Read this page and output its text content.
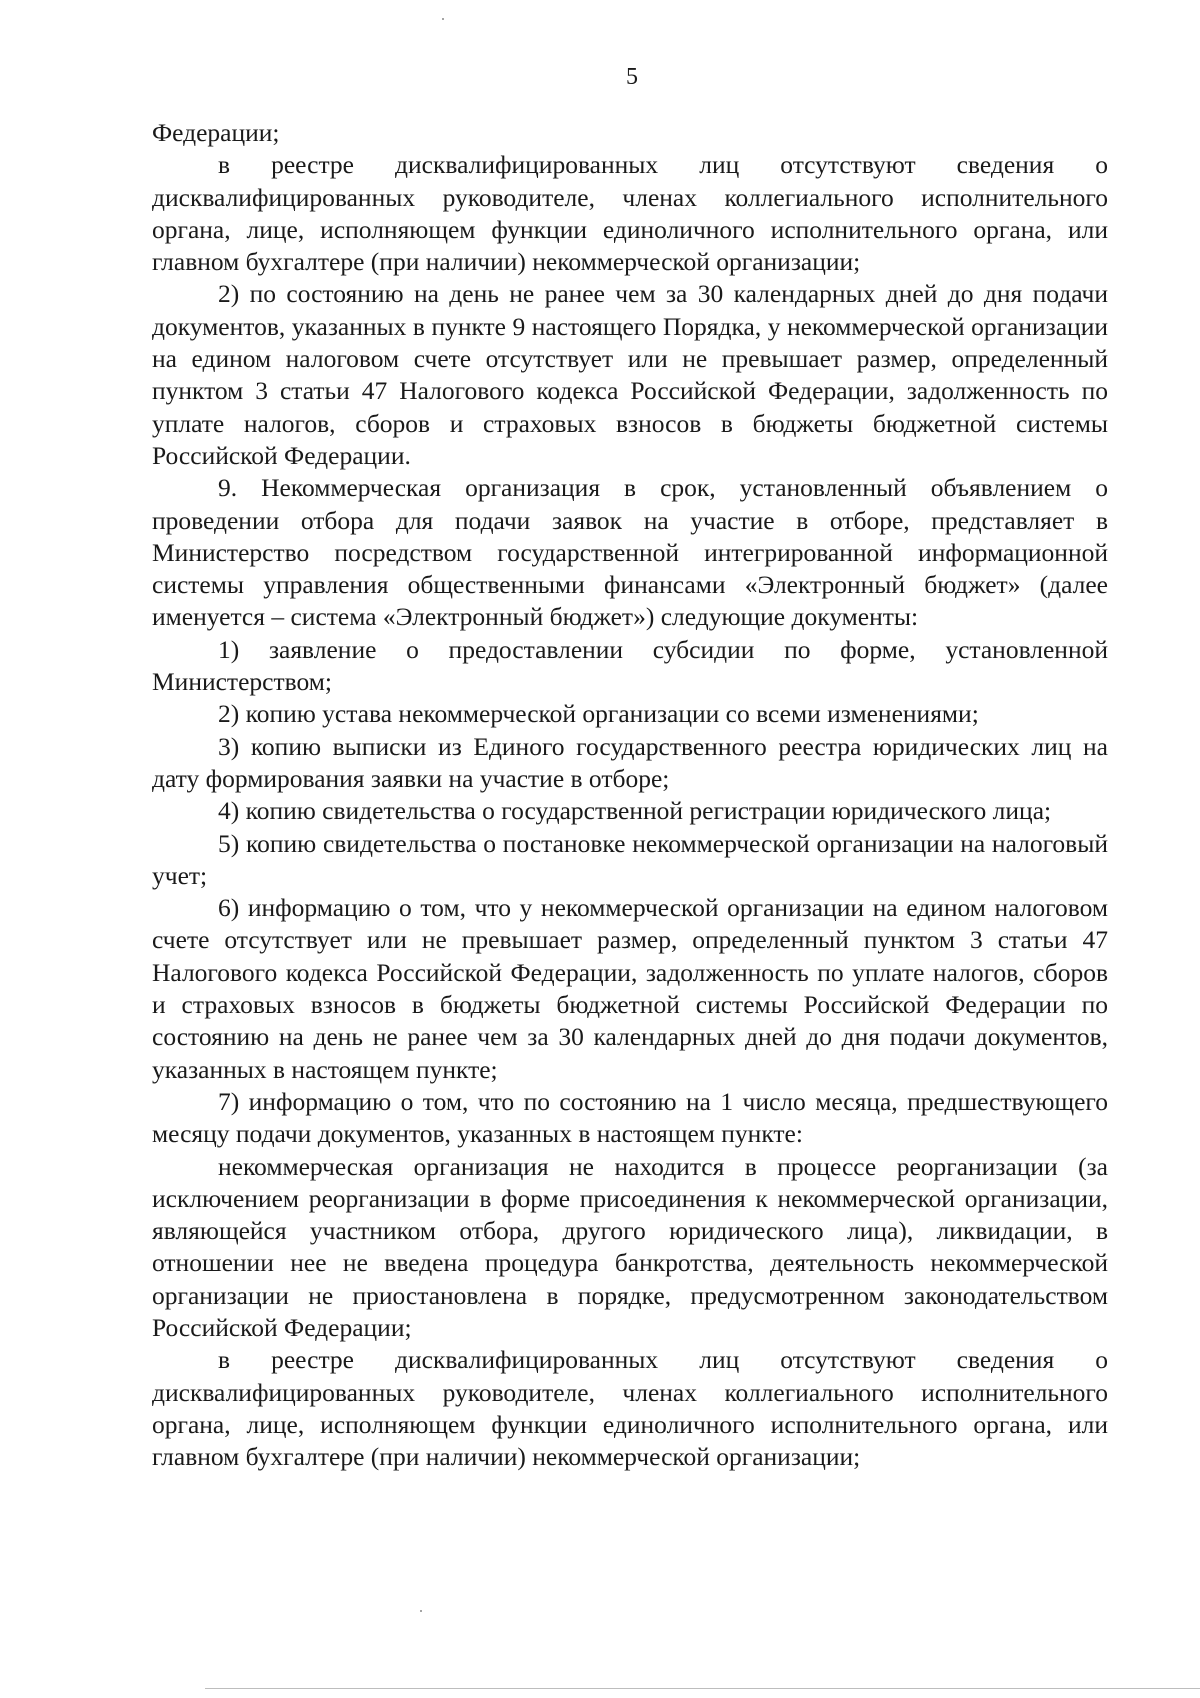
5

Федерации;

в реестре дисквалифицированных лиц отсутствуют сведения о дисквалифицированных руководителе, членах коллегиального исполнительного органа, лице, исполняющем функции единоличного исполнительного органа, или главном бухгалтере (при наличии) некоммерческой организации;

2) по состоянию на день не ранее чем за 30 календарных дней до дня подачи документов, указанных в пункте 9 настоящего Порядка, у некоммерческой организации на едином налоговом счете отсутствует или не превышает размер, определенный пунктом 3 статьи 47 Налогового кодекса Российской Федерации, задолженность по уплате налогов, сборов и страховых взносов в бюджеты бюджетной системы Российской Федерации.

9. Некоммерческая организация в срок, установленный объявлением о проведении отбора для подачи заявок на участие в отборе, представляет в Министерство посредством государственной интегрированной информационной системы управления общественными финансами «Электронный бюджет» (далее именуется – система «Электронный бюджет») следующие документы:

1) заявление о предоставлении субсидии по форме, установленной Министерством;

2) копию устава некоммерческой организации со всеми изменениями;

3) копию выписки из Единого государственного реестра юридических лиц на дату формирования заявки на участие в отборе;

4) копию свидетельства о государственной регистрации юридического лица;

5) копию свидетельства о постановке некоммерческой организации на налоговый учет;

6) информацию о том, что у некоммерческой организации на едином налоговом счете отсутствует или не превышает размер, определенный пунктом 3 статьи 47 Налогового кодекса Российской Федерации, задолженность по уплате налогов, сборов и страховых взносов в бюджеты бюджетной системы Российской Федерации по состоянию на день не ранее чем за 30 календарных дней до дня подачи документов, указанных в настоящем пункте;

7) информацию о том, что по состоянию на 1 число месяца, предшествующего месяцу подачи документов, указанных в настоящем пункте:

некоммерческая организация не находится в процессе реорганизации (за исключением реорганизации в форме присоединения к некоммерческой организации, являющейся участником отбора, другого юридического лица), ликвидации, в отношении нее не введена процедура банкротства, деятельность некоммерческой организации не приостановлена в порядке, предусмотренном законодательством Российской Федерации;

в реестре дисквалифицированных лиц отсутствуют сведения о дисквалифицированных руководителе, членах коллегиального исполнительного органа, лице, исполняющем функции единоличного исполнительного органа, или главном бухгалтере (при наличии) некоммерческой организации;
